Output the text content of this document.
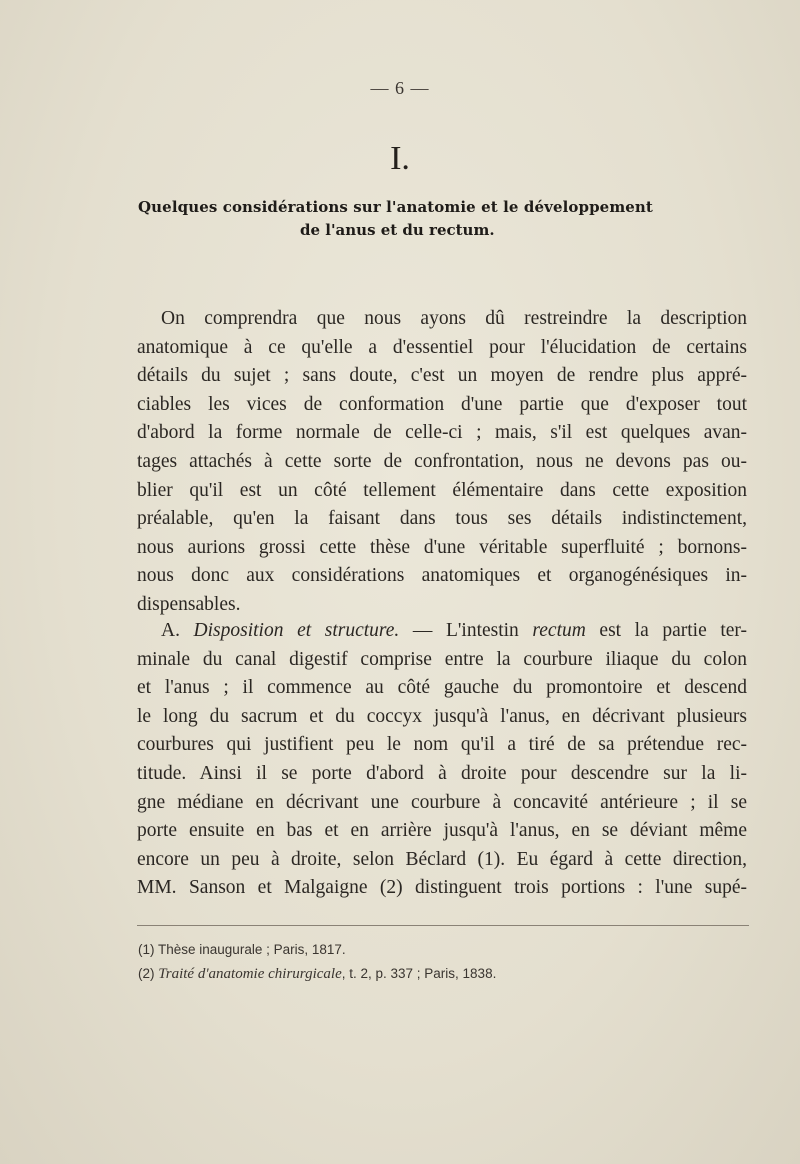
— 6 —
I.
Quelques considérations sur l'anatomie et le développement
de l'anus et du rectum.
On comprendra que nous ayons dû restreindre la description
anatomique à ce qu'elle a d'essentiel pour l'élucidation de certains
détails du sujet ; sans doute, c'est un moyen de rendre plus appré-
ciables les vices de conformation d'une partie que d'exposer tout
d'abord la forme normale de celle-ci ; mais, s'il est quelques avan-
tages attachés à cette sorte de confrontation, nous ne devons pas ou-
blier qu'il est un côté tellement élémentaire dans cette exposition
préalable, qu'en la faisant dans tous ses détails indistinctement,
nous aurions grossi cette thèse d'une véritable superfluité ; bornons-
nous donc aux considérations anatomiques et organogénésiques in-
dispensables.
A. Disposition et structure. — L'intestin rectum est la partie ter-
minale du canal digestif comprise entre la courbure iliaque du colon
et l'anus ; il commence au côté gauche du promontoire et descend
le long du sacrum et du coccyx jusqu'à l'anus, en décrivant plusieurs
courbures qui justifient peu le nom qu'il a tiré de sa prétendue rec-
titude. Ainsi il se porte d'abord à droite pour descendre sur la li-
gne médiane en décrivant une courbure à concavité antérieure ; il se
porte ensuite en bas et en arrière jusqu'à l'anus, en se déviant même
encore un peu à droite, selon Béclard (1). Eu égard à cette direction,
MM. Sanson et Malgaigne (2) distinguent trois portions : l'une supé-
(1) Thèse inaugurale ; Paris, 1817.
(2) Traité d'anatomie chirurgicale, t. 2, p. 337 ; Paris, 1838.
